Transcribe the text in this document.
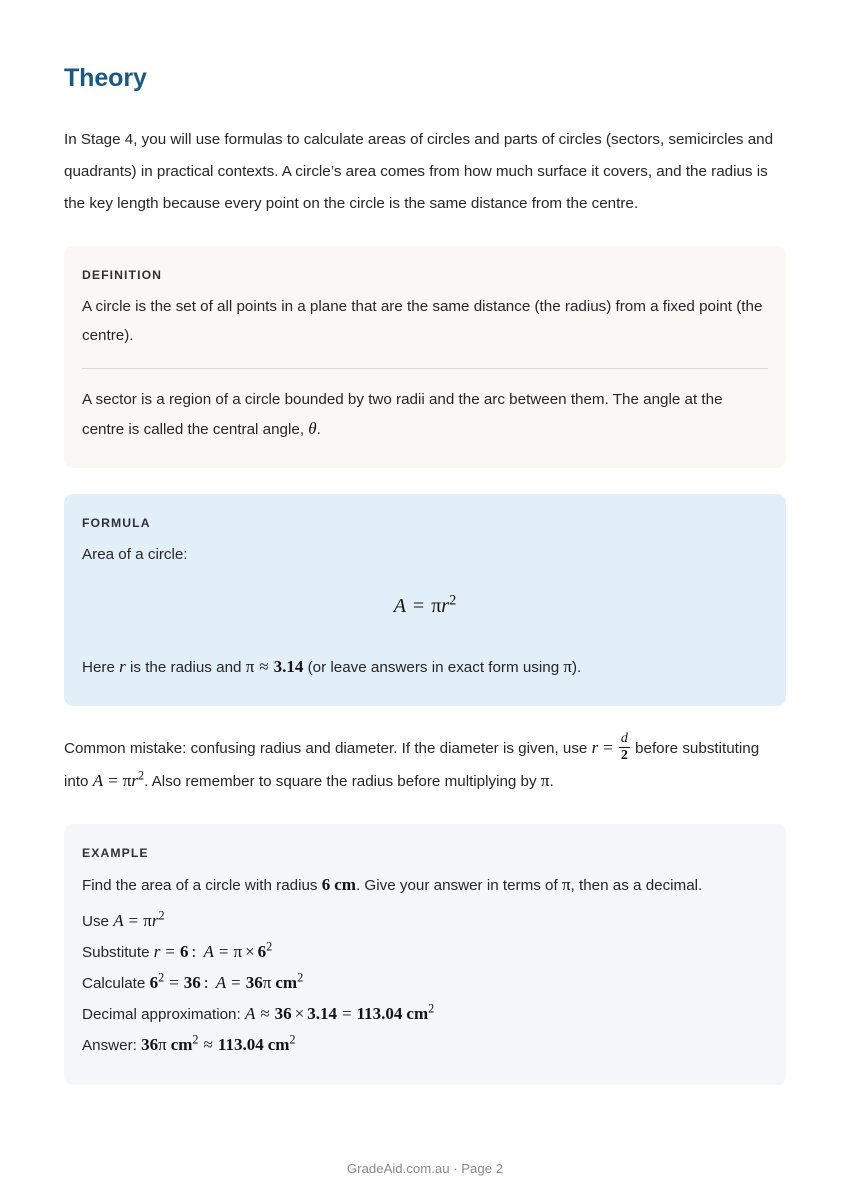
Theory

In Stage 4, you will use formulas to calculate areas of circles and parts of circles (sectors, semicircles and quadrants) in practical contexts. A circle’s area comes from how much surface it covers, and the radius is the key length because every point on the circle is the same distance from the centre.

DEFINITION

A circle is the set of all points in a plane that are the same distance (the radius) from a fixed point (the centre).

A sector is a region of a circle bounded by two radii and the arc between them. The angle at the centre is called the central angle, θ.

FORMULA

Area of a circle:

$A = \pi r^2$

Here r is the radius and π ≈ 3.14 (or leave answers in exact form using π).

Common mistake: confusing radius and diameter. If the diameter is given, use $r = \frac{d}{2}$ before substituting into $A = \pi r^2$. Also remember to square the radius before multiplying by π.

EXAMPLE

Find the area of a circle with radius 6 cm. Give your answer in terms of π, then as a decimal.

Use $A = \pi r^2$

Substitute r = 6 : $A = \pi \times 6^2$

Calculate $6^2 = 36$ : A = 36π $cm^2$

Decimal approximation: A ≈ 36 × 3.14 = 113.04 $cm^2$

Answer: 36π $cm^2 \approx 113.04$ $cm^2$

GradeAid.com.au · Page 2
